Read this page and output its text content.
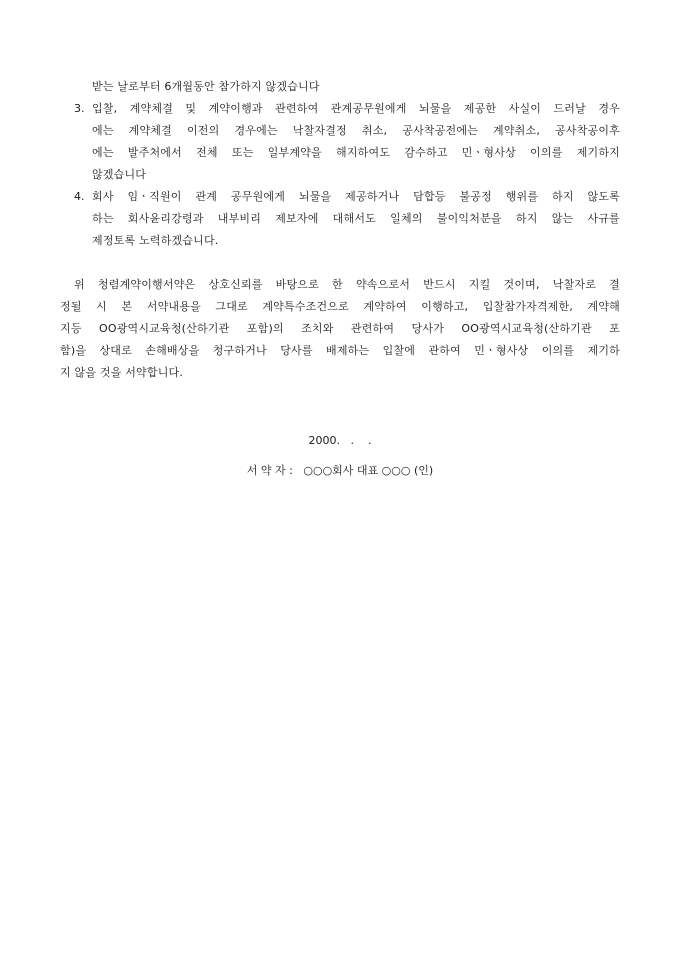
받는 날로부터 6개월동안 참가하지 않겠습니다
3. 입찰, 계약체결 및 계약이행과 관련하여 관계공무원에게 뇌물을 제공한 사실이 드러날 경우
에는 계약체결 이전의 경우에는 낙찰자결정 취소, 공사착공전에는 계약취소, 공사착공이후
에는 발주처에서 전체 또는 일부계약을 해지하여도 감수하고 민ㆍ형사상 이의를 제기하지
않겠습니다
4. 회사 임ㆍ직원이 관계 공무원에게 뇌물을 제공하거나 담합등 불공정 행위를 하지 않도록
하는 회사윤리강령과 내부비리 제보자에 대해서도 일체의 불이익처분을 하지 않는 사규를
제정토록 노력하겠습니다.
위 청렴계약이행서약은 상호신뢰를 바탕으로 한 약속으로서 반드시 지킬 것이며, 낙찰자로 결
정될 시 본 서약내용을 그대로 계약특수조건으로 계약하여 이행하고, 입찰참가자격제한, 계약해
지등 OO광역시교육청(산하기관 포함)의 조치와 관련하여 당사가 OO광역시교육청(산하기관 포
함)을 상대로 손해배상을 청구하거나 당사를 배제하는 입찰에 관하여 민ㆍ형사상 이의를 제기하
지 않을 것을 서약합니다.
2000.   .    .
서 약 자 :   ○○○회사 대표 ○○○ (인)
